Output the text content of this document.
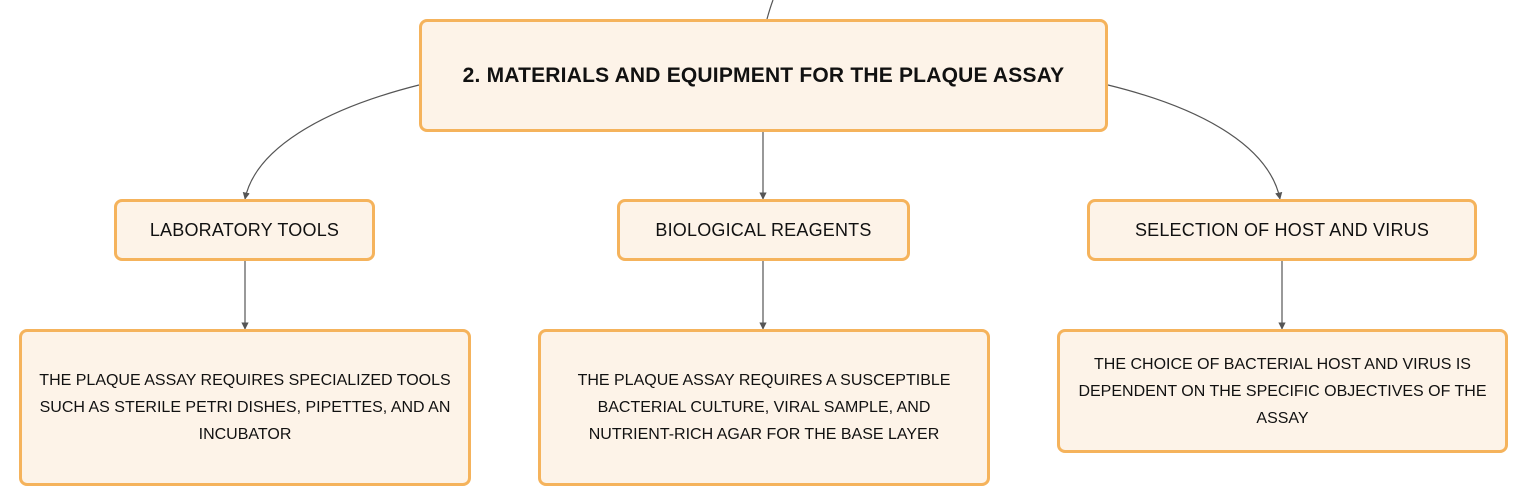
2. MATERIALS AND EQUIPMENT FOR THE PLAQUE ASSAY
LABORATORY TOOLS	BIOLOGICAL REAGENTS	SELECTION OF HOST AND VIRUS
THE PLAQUE ASSAY REQUIRES SPECIALIZED TOOLS SUCH AS STERILE PETRI DISHES, PIPETTES, AND AN INCUBATOR
THE PLAQUE ASSAY REQUIRES A SUSCEPTIBLE BACTERIAL CULTURE, VIRAL SAMPLE, AND NUTRIENT-RICH AGAR FOR THE BASE LAYER
THE CHOICE OF BACTERIAL HOST AND VIRUS IS DEPENDENT ON THE SPECIFIC OBJECTIVES OF THE ASSAY
